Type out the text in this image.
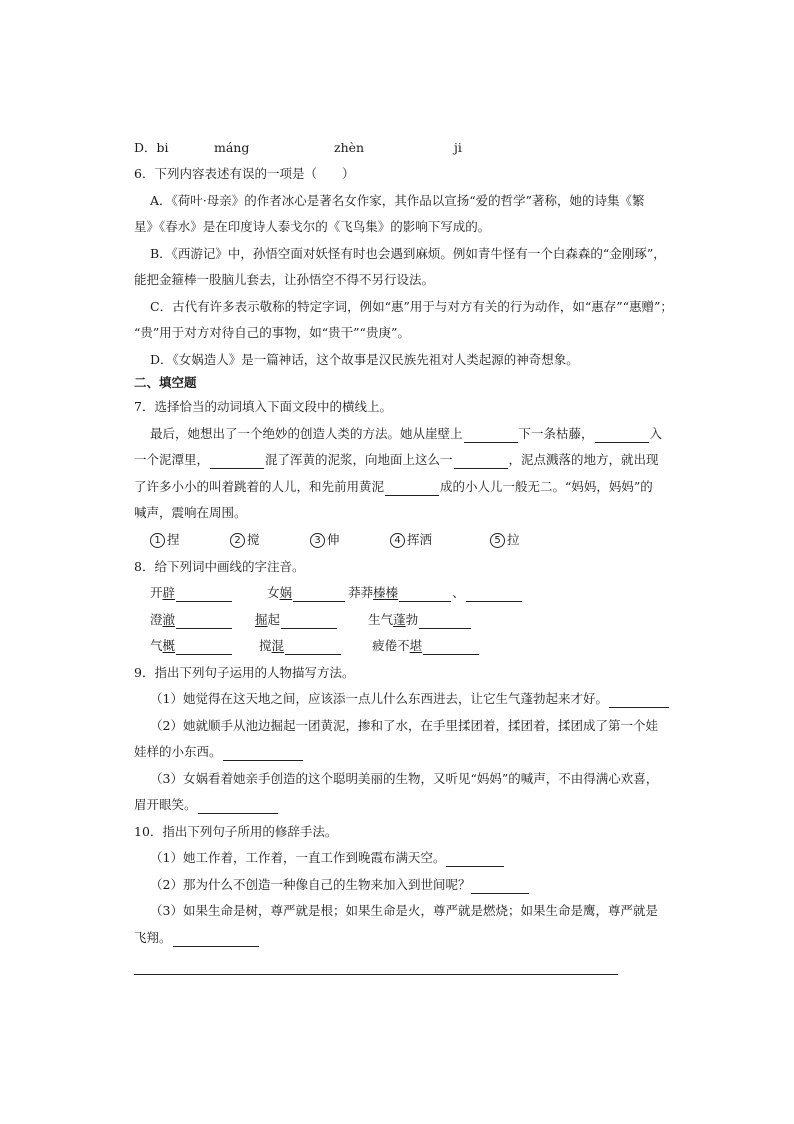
D．bi	máng	zhèn	ji
6．下列内容表述有误的一项是（　　）
A．《荷叶·母亲》的作者冰心是著名女作家，其作品以宣扬“爱的哲学”著称，她的诗集《繁
星》《春水》是在印度诗人泰戈尔的《飞鸟集》的影响下写成的。
B．《西游记》中，孙悟空面对妖怪有时也会遇到麻烦。例如青牛怪有一个白森森的“金刚琢”，
能把金箍棒一股脑儿套去，让孙悟空不得不另行设法。
C．古代有许多表示敬称的特定字词，例如“惠”用于与对方有关的行为动作，如“惠存”“惠赠”；
“贵”用于对方对待自己的事物，如“贵干”“贵庚”。
D．《女娲造人》是一篇神话，这个故事是汉民族先祖对人类起源的神奇想象。
二、填空题
7．选择恰当的动词填入下面文段中的横线上。
最后，她想出了一个绝妙的创造人类的方法。她从崖壁上	下一条枯藤，	入
一个泥潭里，	混了浑黄的泥浆，向地面上这么一	，泥点溅落的地方，就出现
了许多小小的叫着跳着的人儿，和先前用黄泥	成的小人儿一般无二。“妈妈，妈妈”的
喊声，震响在周围。
1 捏	2 搅	3 伸	4 挥洒	5 拉
8．给下列词中画线的字注音。
开辟	女娲	莽莽榛榛	、
澄澈	掘起	生气蓬勃
气概	搅混	疲倦不堪
9．指出下列句子运用的人物描写方法。
（1）她觉得在这天地之间，应该添一点儿什么东西进去，让它生气蓬勃起来才好。
（2）她就顺手从池边掘起一团黄泥，掺和了水，在手里揉团着，揉团着，揉团成了第一个娃
娃样的小东西。
（3）女娲看着她亲手创造的这个聪明美丽的生物，又听见“妈妈”的喊声，不由得满心欢喜，
眉开眼笑。
10．指出下列句子所用的修辞手法。
（1）她工作着，工作着，一直工作到晚霞布满天空。
（2）那为什么不创造一种像自己的生物来加入到世间呢？
（3）如果生命是树，尊严就是根；如果生命是火，尊严就是燃烧；如果生命是鹰，尊严就是
飞翔。
